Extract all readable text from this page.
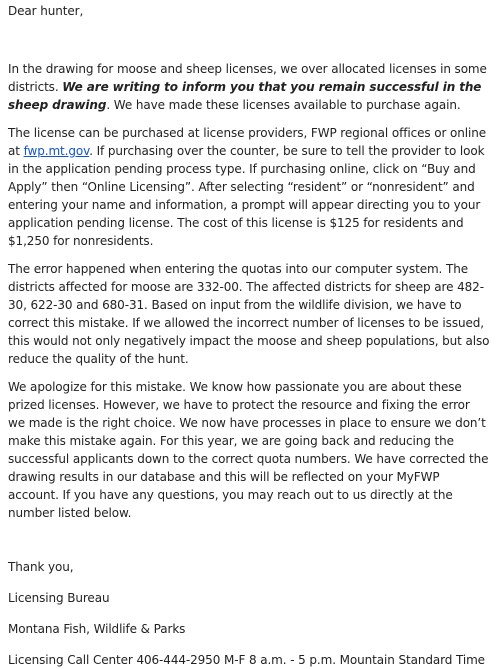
Dear hunter,

In the drawing for moose and sheep licenses, we over allocated licenses in some districts. We are writing to inform you that you remain successful in the sheep drawing. We have made these licenses available to purchase again.

The license can be purchased at license providers, FWP regional offices or online at fwp.mt.gov. If purchasing over the counter, be sure to tell the provider to look in the application pending process type. If purchasing online, click on “Buy and Apply” then “Online Licensing”. After selecting “resident” or “nonresident” and entering your name and information, a prompt will appear directing you to your application pending license. The cost of this license is $125 for residents and $1,250 for nonresidents.

The error happened when entering the quotas into our computer system. The districts affected for moose are 332-00. The affected districts for sheep are 482-30, 622-30 and 680-31. Based on input from the wildlife division, we have to correct this mistake. If we allowed the incorrect number of licenses to be issued, this would not only negatively impact the moose and sheep populations, but also reduce the quality of the hunt.

We apologize for this mistake. We know how passionate you are about these prized licenses. However, we have to protect the resource and fixing the error we made is the right choice. We now have processes in place to ensure we don’t make this mistake again. For this year, we are going back and reducing the successful applicants down to the correct quota numbers. We have corrected the drawing results in our database and this will be reflected on your MyFWP account. If you have any questions, you may reach out to us directly at the number listed below.

Thank you,

Licensing Bureau

Montana Fish, Wildlife & Parks

Licensing Call Center 406-444-2950 M-F 8 a.m. - 5 p.m. Mountain Standard Time
